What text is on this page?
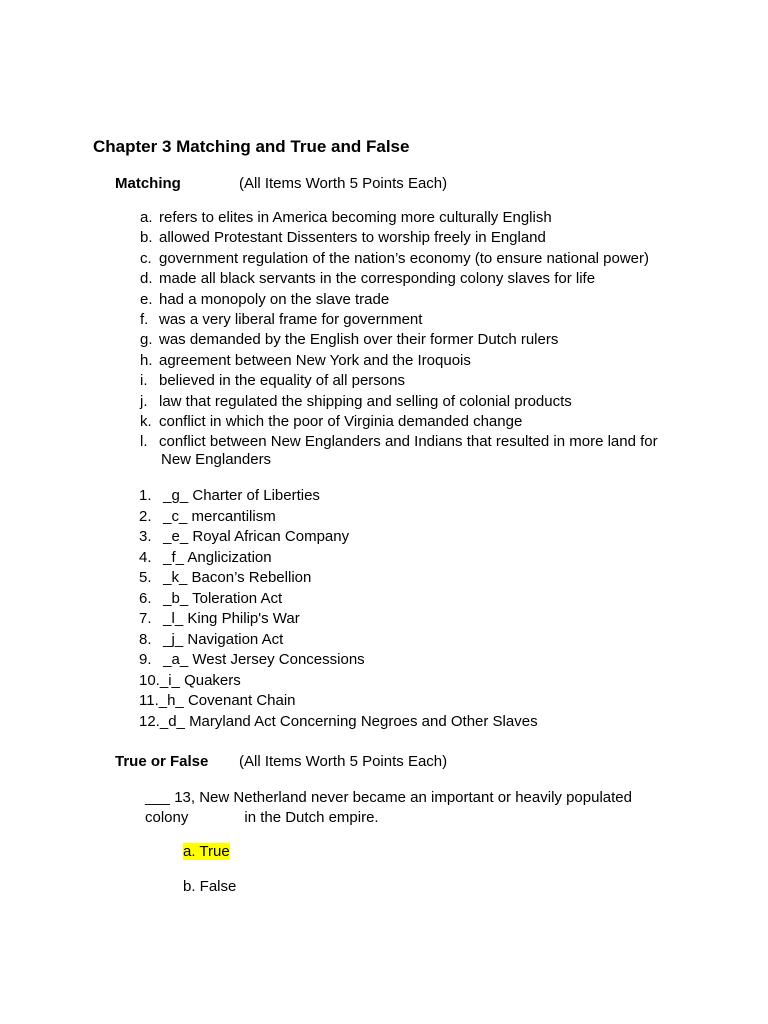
Chapter 3 Matching and True and False
Matching	(All Items Worth 5 Points Each)
a. refers to elites in America becoming more culturally English
b. allowed Protestant Dissenters to worship freely in England
c. government regulation of the nation’s economy (to ensure national power)
d. made all black servants in the corresponding colony slaves for life
e. had a monopoly on the slave trade
f. was a very liberal frame for government
g. was demanded by the English over their former Dutch rulers
h. agreement between New York and the Iroquois
i. believed in the equality of all persons
j. law that regulated the shipping and selling of colonial products
k. conflict in which the poor of Virginia demanded change
l. conflict between New Englanders and Indians that resulted in more land for
New Englanders
1. _g_ Charter of Liberties
2. _c_ mercantilism
3. _e_ Royal African Company
4. _f_ Anglicization
5. _k_ Bacon’s Rebellion
6. _b_ Toleration Act
7. _l_ King Philip's War
8. _j_ Navigation Act
9. _a_ West Jersey Concessions
10._i_ Quakers
11._h_ Covenant Chain
12._d_ Maryland Act Concerning Negroes and Other Slaves
True or False (All Items Worth 5 Points Each)
___ 13, New Netherland never became an important or heavily populated
colony	in the Dutch empire.
a. True
b. False
